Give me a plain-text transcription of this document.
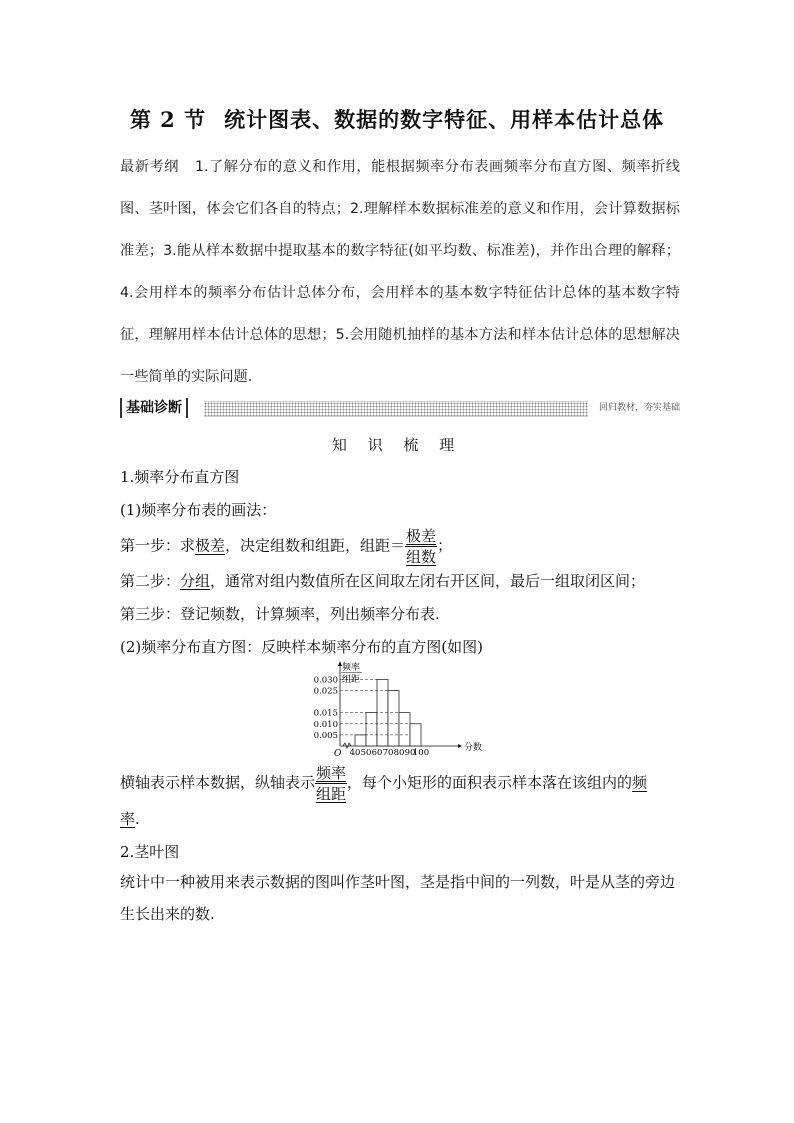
第 2 节 统计图表、数据的数字特征、用样本估计总体
最新考纲 1.了解分布的意义和作用，能根据频率分布表画频率分布直方图、频率折线图、茎叶图，体会它们各自的特点；2.理解样本数据标准差的意义和作用，会计算数据标准差；3.能从样本数据中提取基本的数字特征(如平均数、标准差)，并作出合理的解释；4.会用样本的频率分布估计总体分布，会用样本的基本数字特征估计总体的基本数字特征，理解用样本估计总体的思想；5.会用随机抽样的基本方法和样本估计总体的思想解决一些简单的实际问题.
基础诊断	回归教材，夯实基础
知 识 梳 理
1.频率分布直方图
(1)频率分布表的画法：
第一步：求极差，决定组数和组距，组距＝ $\frac{\text{极差}}{\text{组数}}$ ；
第二步：分组，通常对组内数值所在区间取左闭右开区间，最后一组取闭区间；
第三步：登记频数，计算频率，列出频率分布表.
(2)频率分布直方图：反映样本频率分布的直方图(如图)
频率
组距
0.030
0.025
0.015
0.010
0.005
40 50 60 70 80 90
100
O
分数
横轴表示样本数据，纵轴表示 $\frac{\text{频率}}{\text{组距}}$ ，每个小矩形的面积表示样本落在该组内的频
率.
2.茎叶图
统计中一种被用来表示数据的图叫作茎叶图，茎是指中间的一列数，叶是从茎的旁边生长出来的数.
